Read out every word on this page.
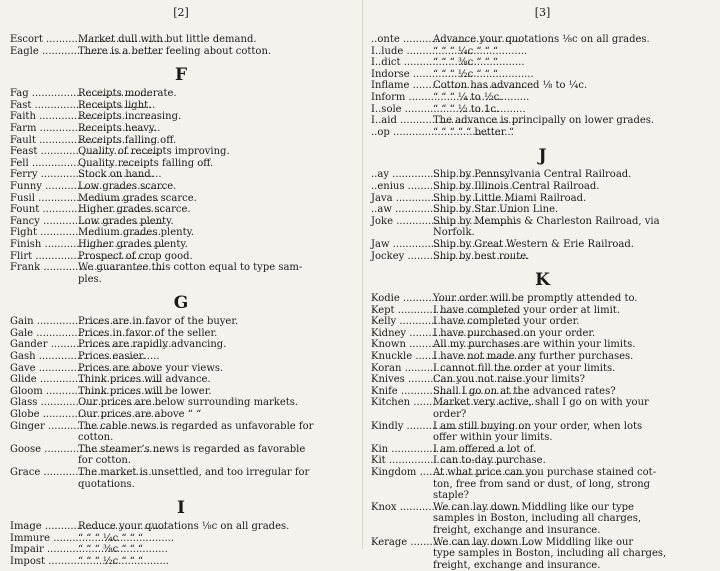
[2]
Escort .....	Market dull with but little demand.
Eagle .....	There is a better feeling about cotton.
F
Fag .....	Receipts moderate.
Fast .....	Receipts light.
Faith .....	Receipts increasing.
Farm .....	Receipts heavy.
Fault .....	Receipts falling off.
Feast .....	Quality of receipts improving.
Fell .....	Quality receipts falling off.
Ferry .....	Stock on hand.
Funny .....	Low grades scarce.
Fusil .....	Medium grades scarce.
Fount .....	Higher grades scarce.
Fancy .....	Low grades plenty.
Fight .....	Medium grades plenty.
Finish .....	Higher grades plenty.
Flirt .....	Prospect of crop good.
Frank .....	We guarantee this cotton equal to type sam-
ples.
G
Gain .....	Prices are in favor of the buyer.
Gale .....	Prices in favor of the seller.
Gander .....	Prices are rapidly advancing.
Gash .....	Prices easier.
Gave .....	Prices are above your views.
Glide .....	Think prices will advance.
Gloom .....	Think prices will be lower.
Glass .....	Our prices are below surrounding markets.
Globe .....	Our prices are above “ “
Ginger .....	The cable news is regarded as unfavorable for
cotton.
Goose .....	The steamer’s news is regarded as favorable
for cotton.
Grace .....	The market is unsettled, and too irregular for
quotations.
I
Image .....	Reduce your quotations ⅛c on all grades.
Immure .....	“ “ “ ¼c “ “ “
Impair .....	“ “ “ ⅜c “ “ “
Impost .....	“ “ “ ½c “ “ “
[3]
..onte .....	Advance your quotations ⅛c on all grades.
I..lude .....	“ “ “ ¼c “ “ “
I..dict .....	“ “ “ ⅜c “ “ “
Indorse .....	“ “ “ ½c “ “ “
Inflame .....	Cotton has advanced ⅛ to ¼c.
Inform .....	“ “ “ ¼ to ½c.
I..sole .....	“ “ “ ½ to 1c.
I..aid .....	The advance is principally on lower grades.
..op .....	“ “ “ “ “ better “
J
..ay .....	Ship by Pennsylvania Central Railroad.
..enius .....	Ship by Illinois Central Railroad.
Java .....	Ship by Little Miami Railroad.
..aw .....	Ship by Star Union Line.
Joke .....	Ship by Memphis & Charleston Railroad, via
Norfolk.
Jaw .....	Ship by Great Western & Erie Railroad.
Jockey .....	Ship by best route.
K
Kodie .....	Your order will be promptly attended to.
Kept .....	I have completed your order at limit.
Kelly .....	I have completed your order.
Kidney .....	I have purchased on your order.
Known .....	All my purchases are within your limits.
Knuckle .....	I have not made any further purchases.
Koran .....	I cannot fill the order at your limits.
Knives .....	Can you not raise your limits?
Knife .....	Shall I go on at the advanced rates?
Kitchen .....	Market very active, shall I go on with your
order?
Kindly .....	I am still buying on your order, when lots
offer within your limits.
Kin .....	I am offered a lot of.
Kit .....	I can to-day purchase.
Kingdom .....	At what price can you purchase stained cot-
ton, free from sand or dust, of long, strong
staple?
Knox .....	We can lay down Middling like our type
samples in Boston, including all charges,
freight, exchange and insurance.
Kerage .....	We can lay down Low Middling like our
type samples in Boston, including all charges,
freight, exchange and insurance.
